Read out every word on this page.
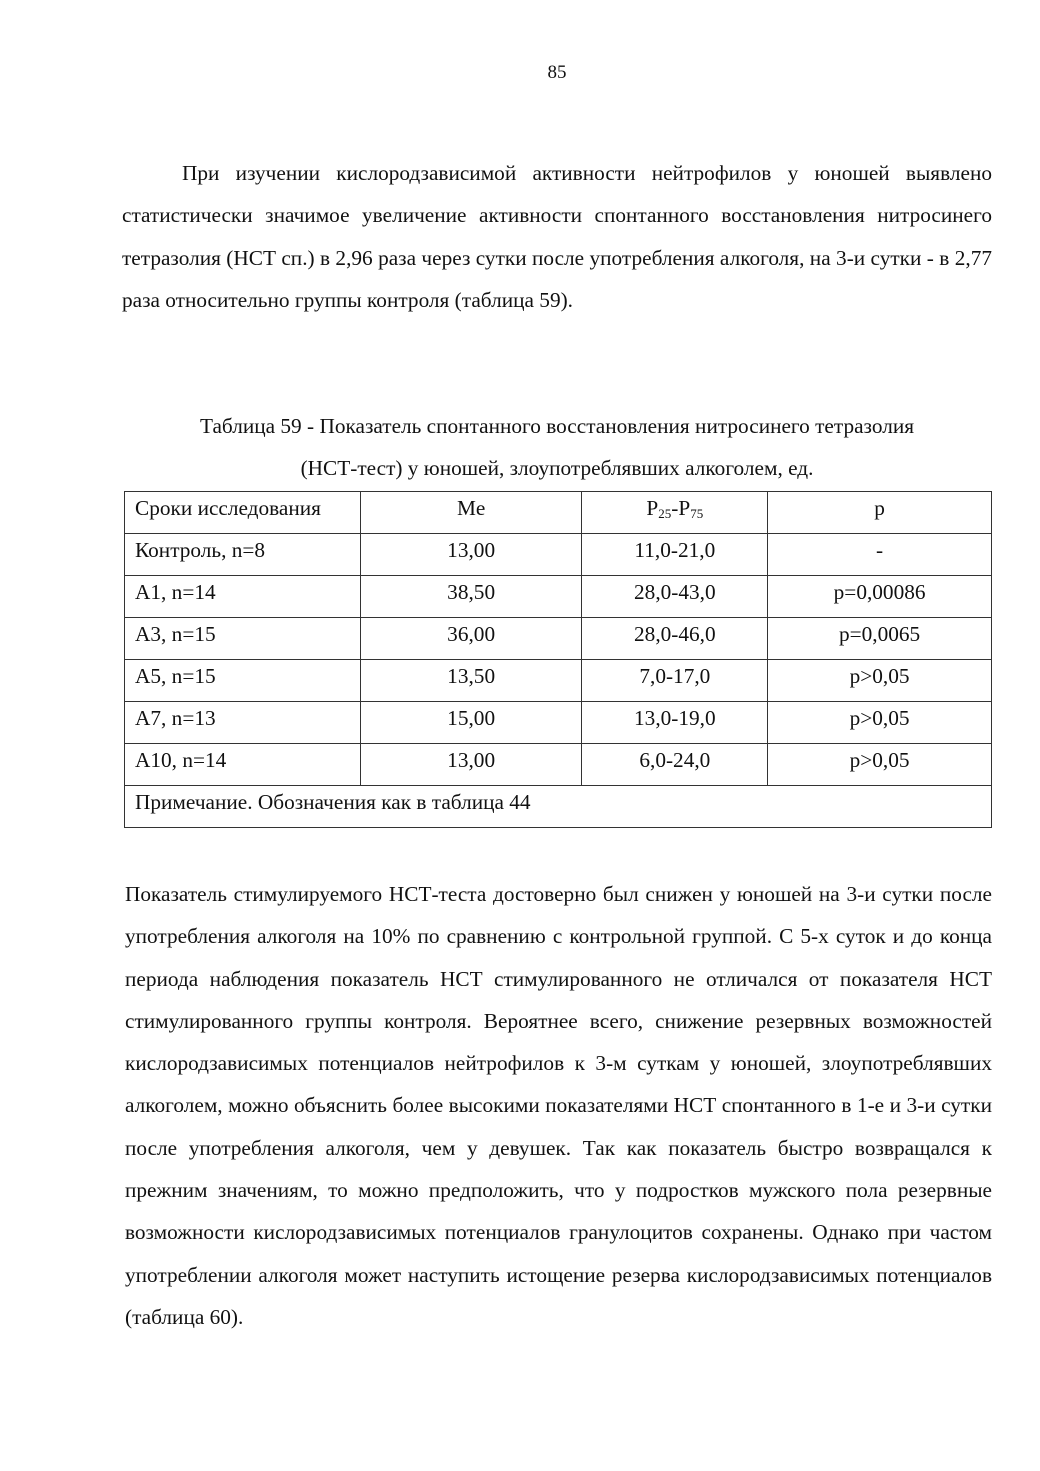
85

При изучении кислородзависимой активности нейтрофилов у юношей выявлено статистически значимое увеличение активности спонтанного восстановления нитросинего тетразолия (НСТ сп.) в 2,96 раза через сутки после употребления алкоголя, на 3-и сутки - в 2,77 раза относительно группы контроля (таблица 59).

Таблица 59 - Показатель спонтанного восстановления нитросинего тетразолия
(НСТ-тест) у юношей, злоупотреблявших алкоголем, ед.
Сроки исследования	Me	$P_{25}-P_{75}$	p
Контроль, n=8	13,00	11,0-21,0	-
А1, n=14	38,50	28,0-43,0	p=0,00086
А3, n=15	36,00	28,0-46,0	p=0,0065
А5, n=15	13,50	7,0-17,0	p>0,05
А7, n=13	15,00	13,0-19,0	p>0,05
А10, n=14	13,00	6,0-24,0	p>0,05
Примечание. Обозначения как в таблица 44			

Показатель стимулируемого НСТ-теста достоверно был снижен у юношей на 3-и сутки после употребления алкоголя на 10% по сравнению с контрольной группой. С 5-х суток и до конца периода наблюдения показатель НСТ стимулированного не отличался от показателя НСТ стимулированного группы контроля. Вероятнее всего, снижение резервных возможностей кислородзависимых потенциалов нейтрофилов к 3-м суткам у юношей, злоупотреблявших алкоголем, можно объяснить более высокими показателями НСТ спонтанного в 1-е и 3-и сутки после употребления алкоголя, чем у девушек. Так как показатель быстро возвращался к прежним значениям, то можно предположить, что у подростков мужского пола резервные возможности кислородзависимых потенциалов гранулоцитов сохранены. Однако при частом употреблении алкоголя может наступить истощение резерва кислородзависимых потенциалов (таблица 60).
